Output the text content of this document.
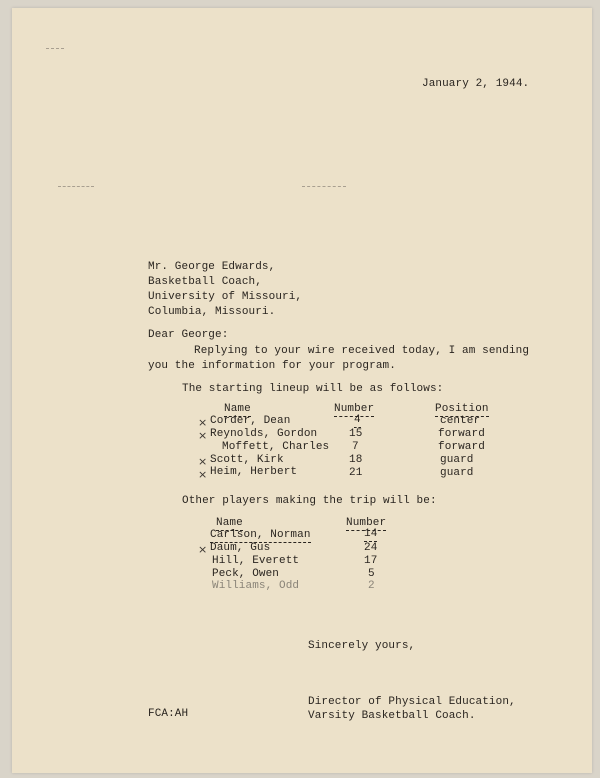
January 2, 1944.
Mr. George Edwards,
Basketball Coach,
University of Missouri,
Columbia, Missouri.
Dear George:
Replying to your wire received today, I am sending
you the information for your program.
The starting lineup will be as follows:
Name	Number	Position
× Corder, Dean	4	center
× Reynolds, Gordon	15	forward
Moffett, Charles 7	forward
× Scott, Kirk	18	guard
× Heim, Herbert	21	guard
Other players making the trip will be:
Name	Number
Carlson, Norman	14
× Daum, Gus	24
Hill, Everett	17
Peck, Owen	5
Williams, Odd	2
Sincerely yours,
FCA:AH
Director of Physical Education,
Varsity Basketball Coach.
